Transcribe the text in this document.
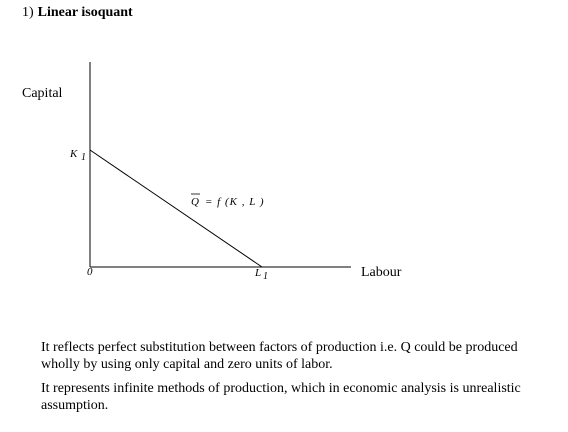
1) Linear isoquant
Capital
Labour
K 1
0	L 1
Q = f (K , L )

It reflects perfect substitution between factors of production i.e. Q could be produced wholly by using only capital and zero units of labor.

It represents infinite methods of production, which in economic analysis is unrealistic assumption.
